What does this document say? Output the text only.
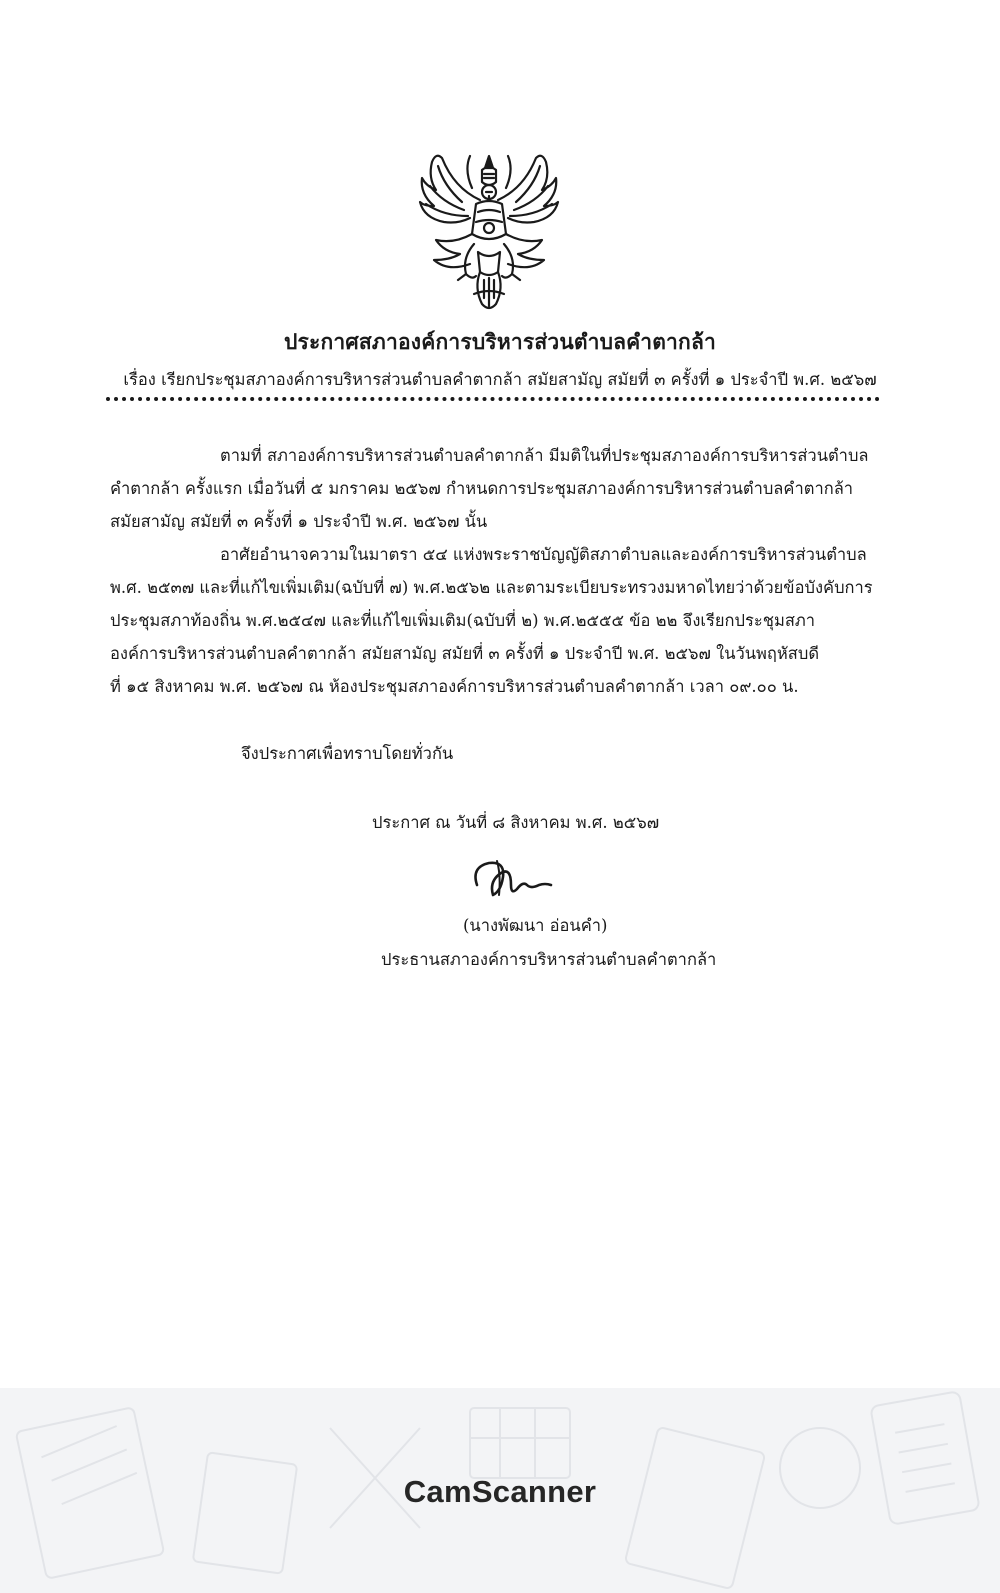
ประกาศสภาองค์การบริหารส่วนตำบลคำตากล้า
เรื่อง เรียกประชุมสภาองค์การบริหารส่วนตำบลคำตากล้า สมัยสามัญ สมัยที่ ๓ ครั้งที่ ๑ ประจำปี พ.ศ. ๒๕๖๗
ตามที่ สภาองค์การบริหารส่วนตำบลคำตากล้า มีมติในที่ประชุมสภาองค์การบริหารส่วนตำบล
คำตากล้า ครั้งแรก เมื่อวันที่ ๕ มกราคม ๒๕๖๗ กำหนดการประชุมสภาองค์การบริหารส่วนตำบลคำตากล้า
สมัยสามัญ สมัยที่ ๓ ครั้งที่ ๑ ประจำปี พ.ศ. ๒๕๖๗ นั้น
อาศัยอำนาจความในมาตรา ๕๔ แห่งพระราชบัญญัติสภาตำบลและองค์การบริหารส่วนตำบล
พ.ศ. ๒๕๓๗ และที่แก้ไขเพิ่มเติม(ฉบับที่ ๗) พ.ศ.๒๕๖๒ และตามระเบียบระทรวงมหาดไทยว่าด้วยข้อบังคับการ
ประชุมสภาท้องถิ่น พ.ศ.๒๕๔๗ และที่แก้ไขเพิ่มเติม(ฉบับที่ ๒) พ.ศ.๒๕๕๕ ข้อ ๒๒ จึงเรียกประชุมสภา
องค์การบริหารส่วนตำบลคำตากล้า สมัยสามัญ สมัยที่ ๓ ครั้งที่ ๑ ประจำปี พ.ศ. ๒๕๖๗ ในวันพฤหัสบดี
ที่ ๑๕ สิงหาคม พ.ศ. ๒๕๖๗ ณ ห้องประชุมสภาองค์การบริหารส่วนตำบลคำตากล้า เวลา ๐๙.๐๐ น.
จึงประกาศเพื่อทราบโดยทั่วกัน
ประกาศ ณ วันที่ ๘ สิงหาคม พ.ศ. ๒๕๖๗
(นางพัฒนา อ่อนคำ)
ประธานสภาองค์การบริหารส่วนตำบลคำตากล้า
CamScanner
